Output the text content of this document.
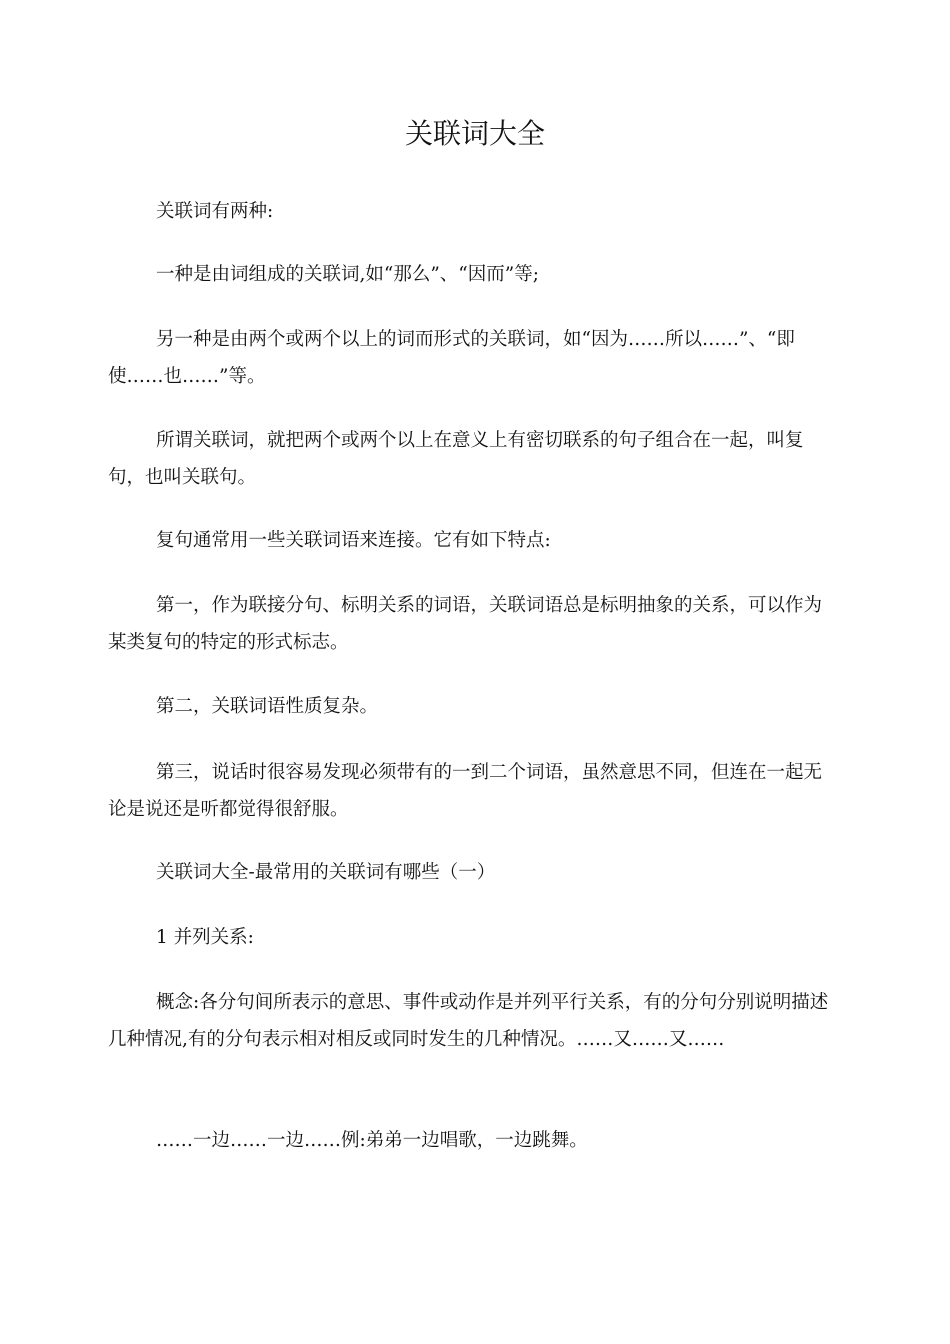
关联词大全

关联词有两种:

一种是由词组成的关联词,如“那么”、“因而”等;

另一种是由两个或两个以上的词而形式的关联词，如“因为……所以……”、“即使……也……”等。

所谓关联词，就把两个或两个以上在意义上有密切联系的句子组合在一起，叫复句，也叫关联句。

复句通常用一些关联词语来连接。它有如下特点:

第一，作为联接分句、标明关系的词语，关联词语总是标明抽象的关系，可以作为某类复句的特定的形式标志。

第二，关联词语性质复杂。

第三，说话时很容易发现必须带有的一到二个词语，虽然意思不同，但连在一起无论是说还是听都觉得很舒服。

关联词大全-最常用的关联词有哪些（一）

1 并列关系:

概念:各分句间所表示的意思、事件或动作是并列平行关系，有的分句分别说明描述几种情况,有的分句表示相对相反或同时发生的几种情况。……又……又……

……一边……一边……例:弟弟一边唱歌，一边跳舞。
